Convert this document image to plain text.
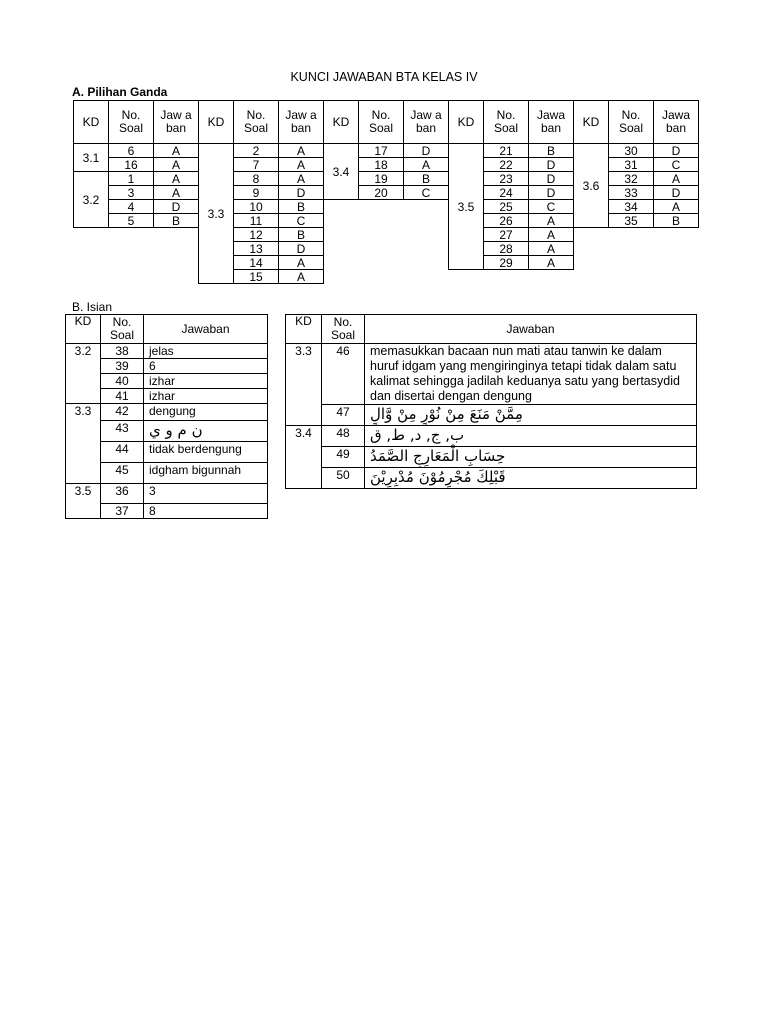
KUNCI JAWABAN BTA KELAS IV
A. Pilihan Ganda
KD	No. Soal	Jaw a ban	KD	No. Soal	Jaw a ban	KD	No. Soal	Jaw a ban	KD	No. Soal	Jawa ban	KD	No. Soal	Jawa ban
3.1	6	A	3.3	2	A	3.4	17	D	3.5	21	B	3.6	30	D
	16	A		7	A		18	A		22	D		31	C
3.2	1	A		8	A		19	B		23	D		32	A
	3	A		9	D		20	C		24	D		33	D
	4	D		10	B					25	C		34	A
	5	B		11	C					26	A		35	B
				12	B					27	A			
				13	D					28	A			
				14	A					29	A			
				15	A									
B. Isian
KD	No. Soal	Jawaban
3.2	38	jelas
	39	6
	40	izhar
	41	izhar
3.3	42	dengung
	43	ن م و ي
	44	tidak berdengung
	45	idgham bigunnah
3.5	36	3
	37	8
KD	No. Soal	Jawaban
3.3	46	memasukkan bacaan nun mati atau tanwin ke dalam huruf idgam yang mengiringinya tetapi tidak dalam satu kalimat sehingga jadilah keduanya satu yang bertasydid dan disertai dengan dengung
	47	مِمَّنْ مَنَعَ مِنْ نُوْرٍ مِنْ وَّالٍ
3.4	48	ب, ج, د, ط, ق
	49	حِسَابِ الْمَعَارِجِ الصَّمَدُ
	50	قَبْلِكَ مُجْرِمُوْنَ مُدْبِرِيْنَ
